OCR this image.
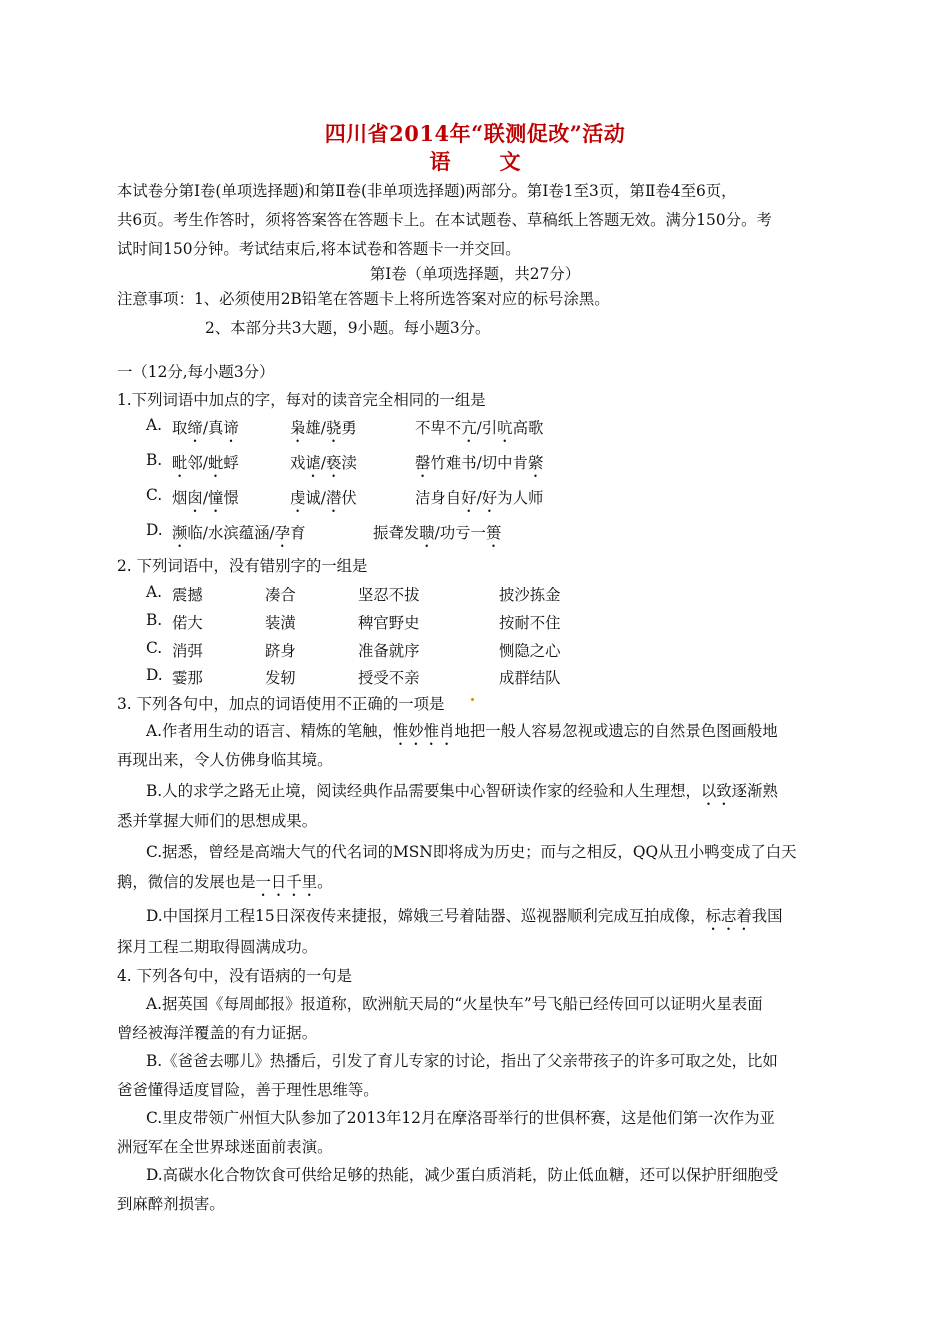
四川省2014年“联测促改”活动
语　文
本试卷分第Ⅰ卷(单项选择题)和第Ⅱ卷(非单项选择题)两部分。第Ⅰ卷1至3页，第Ⅱ卷4至6页，
共6页。考生作答时，须将答案答在答题卡上。在本试题卷、草稿纸上答题无效。满分150分。考
试时间150分钟。考试结束后,将本试卷和答题卡一并交回。
第Ⅰ卷（单项选择题，共27分）
注意事项：1、必须使用2B铅笔在答题卡上将所选答案对应的标号涂黑。
2、本部分共3大题，9小题。每小题3分。
一（12分,每小题3分）
1.下列词语中加点的字，每对的读音完全相同的一组是
A. 取缔/真谛	枭雄/骁勇	不卑不亢/引吭高歌
B. 毗邻/蚍蜉	戏谑/亵渎	罄竹难书/切中肯綮
C. 烟囱/憧憬	虔诚/潜伏	洁身自好/好为人师
D. 濒临/水滨蕴涵/孕育	振聋发聩/功亏一篑
2. 下列词语中，没有错别字的一组是
A. 震撼	凑合	坚忍不拔	披沙拣金
B. 偌大	装潢	稗官野史	按耐不住
C. 消弭	跻身	准备就序	恻隐之心
D. 霎那	发轫	授受不亲	成群结队
3. 下列各句中，加点的词语使用不正确的一项是
A.作者用生动的语言、精炼的笔触，惟妙惟肖地把一般人容易忽视或遗忘的自然景色图画般地
再现出来，令人仿佛身临其境。
B.人的求学之路无止境，阅读经典作品需要集中心智研读作家的经验和人生理想，以致逐渐熟
悉并掌握大师们的思想成果。
C.据悉，曾经是高端大气的代名词的MSN即将成为历史；而与之相反，QQ从丑小鸭变成了白天
鹅，微信的发展也是一日千里。
D.中国探月工程15日深夜传来捷报，嫦娥三号着陆器、巡视器顺利完成互拍成像，标志着我国
探月工程二期取得圆满成功。
4. 下列各句中，没有语病的一句是
A.据英国《每周邮报》报道称，欧洲航天局的“火星快车”号飞船已经传回可以证明火星表面
曾经被海洋覆盖的有力证据。
B.《爸爸去哪儿》热播后，引发了育儿专家的讨论，指出了父亲带孩子的许多可取之处，比如
爸爸懂得适度冒险，善于理性思维等。
C.里皮带领广州恒大队参加了2013年12月在摩洛哥举行的世俱杯赛，这是他们第一次作为亚
洲冠军在全世界球迷面前表演。
D.高碳水化合物饮食可供给足够的热能，减少蛋白质消耗，防止低血糖，还可以保护肝细胞受
到麻醉剂损害。
